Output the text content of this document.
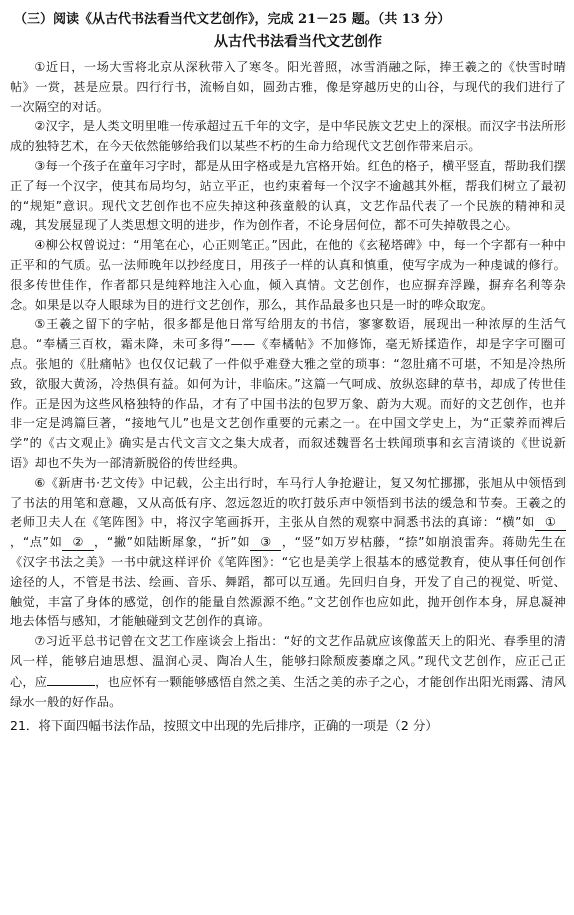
（三）阅读《从古代书法看当代文艺创作》，完成 21－25 题。（共 13 分）
从古代书法看当代文艺创作

①近日，一场大雪将北京从深秋带入了寒冬。阳光普照，冰雪消融之际，捧王羲之的《快雪时晴帖》一赏，甚是应景。四行行书，流畅自如，圆劲古雅，像是穿越历史的山谷，与现代的我们进行了一次隔空的对话。

②汉字，是人类文明里唯一传承超过五千年的文字，是中华民族文艺史上的深根。而汉字书法所形成的独特艺术，在今天依然能够给我们以某些不朽的生命力给现代文艺创作带来启示。

③每一个孩子在童年习字时，都是从田字格或是九宫格开始。红色的格子，横平竖直，帮助我们摆正了每一个汉字，使其布局均匀，站立平正，也约束着每一个汉字不逾越其外框，帮我们树立了最初的“规矩”意识。现代文艺创作也不应失掉这种孩童般的认真，文艺作品代表了一个民族的精神和灵魂，其发展显现了人类思想文明的进步，作为创作者，不论身居何位，都不可失掉敬畏之心。

④柳公权曾说过：“用笔在心，心正则笔正。”因此，在他的《玄秘塔碑》中，每一个字都有一种中正平和的气质。弘一法师晚年以抄经度日，用孩子一样的认真和慎重，使写字成为一种虔诚的修行。很多传世佳作，作者都只是纯粹地注入心血，倾入真情。文艺创作，也应摒弃浮躁，摒弃名利等杂念。如果是以夺人眼球为目的进行文艺创作，那么，其作品最多也只是一时的哗众取宠。

⑤王羲之留下的字帖，很多都是他日常写给朋友的书信，寥寥数语，展现出一种浓厚的生活气息。“奉橘三百枚，霜未降，未可多得”——《奉橘帖》不加修饰，毫无矫揉造作，却是字字可圈可点。张旭的《肚痛帖》也仅仅记载了一件似乎难登大雅之堂的琐事：“忽肚痛不可堪，不知是冷热所致，欲服大黄汤，冷热俱有益。如何为计，非临床。”这篇一气呵成、放纵恣肆的草书，却成了传世佳作。正是因为这些风格独特的作品，才有了中国书法的包罗万象、蔚为大观。而好的文艺创作，也并非一定是鸿篇巨著，“接地气儿”也是文艺创作重要的元素之一。在中国文学史上，为“正蒙养而裨后学”的《古文观止》确实是古代文言文之集大成者，而叙述魏晋名士轶闻琐事和玄言清谈的《世说新语》却也不失为一部清新脱俗的传世经典。

⑥《新唐书·艺文传》中记载，公主出行时，车马行人争抢避让，复又匆忙挪挪，张旭从中领悟到了书法的用笔和意趣，又从高低有序、忽远忽近的吹打鼓乐声中领悟到书法的缓急和节奏。王羲之的老师卫夫人在《笔阵图》中，将汉字笔画拆开，主张从自然的观察中洞悉书法的真谛：“横”如 ①，“点”如 ② ，“撇”如陆断犀象，“折”如 ③ ，“竖”如万岁枯藤，“捺”如崩浪雷奔。蒋勋先生在《汉字书法之美》一书中就这样评价《笔阵图》：“它也是美学上很基本的感觉教育，使从事任何创作途径的人，不管是书法、绘画、音乐、舞蹈，都可以互通。先回归自身，开发了自己的视觉、听觉、触觉，丰富了身体的感觉，创作的能量自然源源不绝。”文艺创作也应如此，抛开创作本身，屏息凝神地去体悟与感知，才能触碰到文艺创作的真谛。

⑦习近平总书记曾在文艺工作座谈会上指出：“好的文艺作品就应该像蓝天上的阳光、春季里的清风一样，能够启迪思想、温润心灵、陶冶人生，能够扫除颓废萎靡之风。”现代文艺创作，应正己正心，应	，也应怀有一颗能够感悟自然之美、生活之美的赤子之心，才能创作出阳光雨露、清风绿水一般的好作品。

21．将下面四幅书法作品，按照文中出现的先后排序，正确的一项是（2 分）
